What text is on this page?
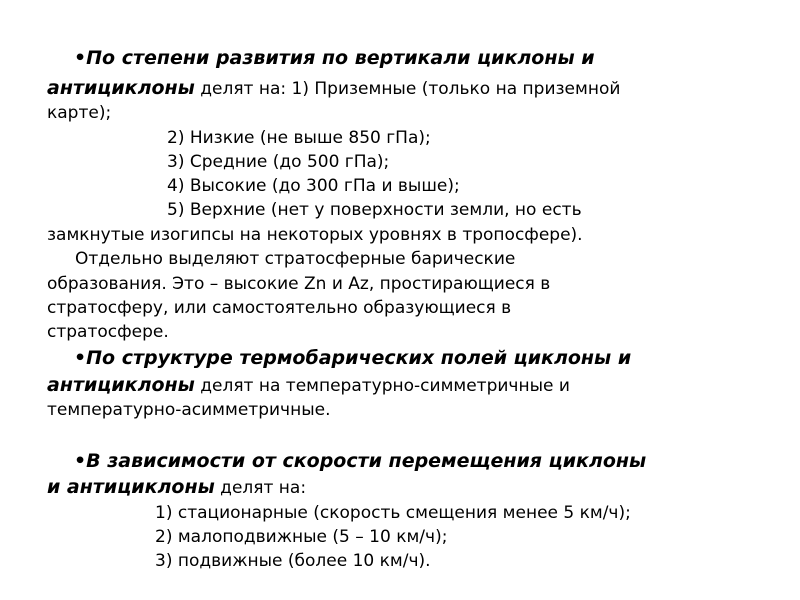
•По степени развития по вертикали циклоны и
антициклоны делят на: 1) Приземные (только на приземной
карте);
2) Низкие (не выше 850 гПа);
3) Средние (до 500 гПа);
4) Высокие (до 300 гПа и выше);
5) Верхние (нет у поверхности земли, но есть
замкнутые изогипсы на некоторых уровнях в тропосфере).
Отдельно выделяют стратосферные барические
образования. Это – высокие Zn и Az, простирающиеся в
стратосферу, или самостоятельно образующиеся в
стратосфере.
•По структуре термобарических полей циклоны и
антициклоны делят на температурно-симметричные и
температурно-асимметричные.
•В зависимости от скорости перемещения циклоны
и антициклоны делят на:
1) стационарные (скорость смещения менее 5 км/ч);
2) малоподвижные (5 – 10 км/ч);
3) подвижные (более 10 км/ч).
